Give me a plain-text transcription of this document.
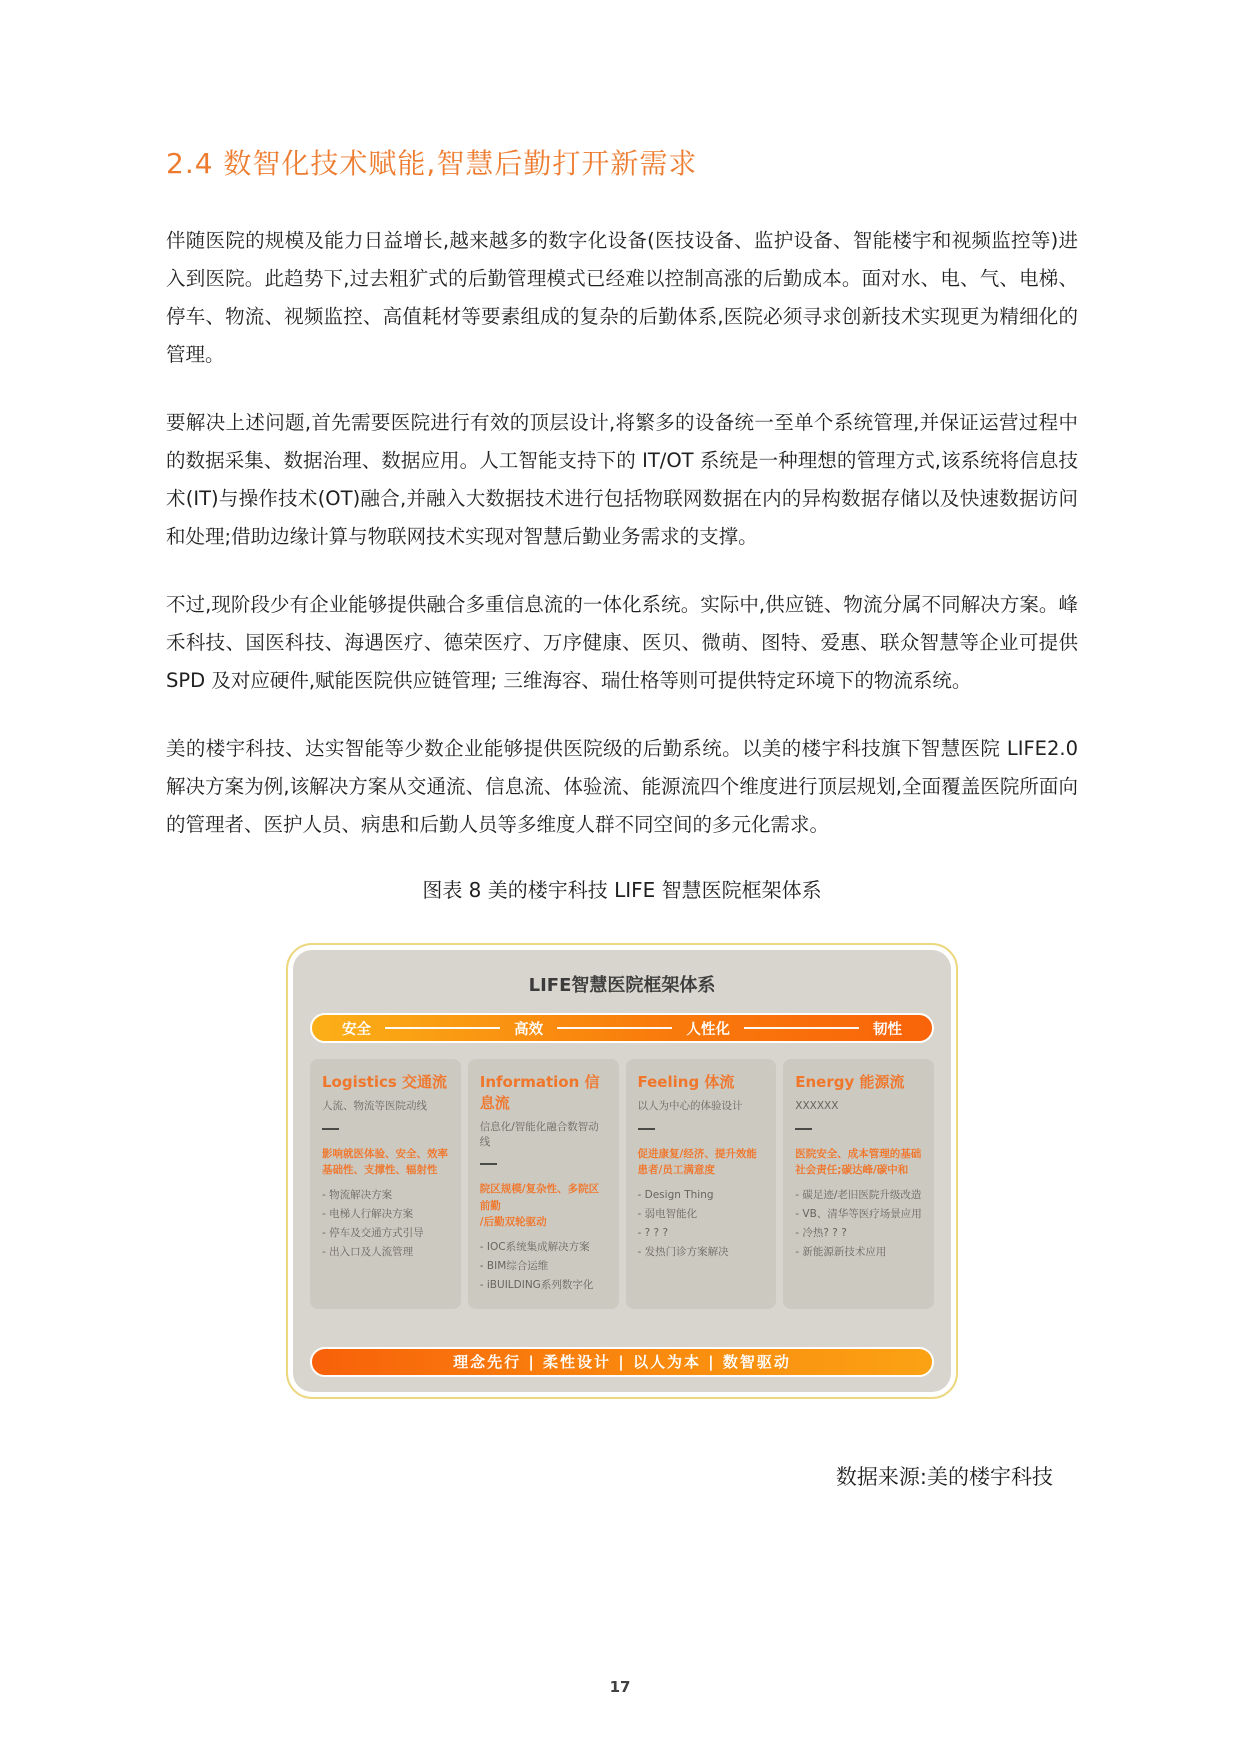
2.4 数智化技术赋能,智慧后勤打开新需求

伴随医院的规模及能力日益增长,越来越多的数字化设备(医技设备、监护设备、智能楼宇和视频监控等)进入到医院。此趋势下,过去粗犷式的后勤管理模式已经难以控制高涨的后勤成本。面对水、电、气、电梯、停车、物流、视频监控、高值耗材等要素组成的复杂的后勤体系,医院必须寻求创新技术实现更为精细化的管理。

要解决上述问题,首先需要医院进行有效的顶层设计,将繁多的设备统一至单个系统管理,并保证运营过程中的数据采集、数据治理、数据应用。人工智能支持下的 IT/OT 系统是一种理想的管理方式,该系统将信息技术(IT)与操作技术(OT)融合,并融入大数据技术进行包括物联网数据在内的异构数据存储以及快速数据访问和处理;借助边缘计算与物联网技术实现对智慧后勤业务需求的支撑。

不过,现阶段少有企业能够提供融合多重信息流的一体化系统。实际中,供应链、物流分属不同解决方案。峰禾科技、国医科技、海遇医疗、德荣医疗、万序健康、医贝、微萌、图特、爱惠、联众智慧等企业可提供 SPD 及对应硬件,赋能医院供应链管理; 三维海容、瑞仕格等则可提供特定环境下的物流系统。

美的楼宇科技、达实智能等少数企业能够提供医院级的后勤系统。以美的楼宇科技旗下智慧医院 LIFE2.0 解决方案为例,该解决方案从交通流、信息流、体验流、能源流四个维度进行顶层规划,全面覆盖医院所面向的管理者、医护人员、病患和后勤人员等多维度人群不同空间的多元化需求。

图表 8 美的楼宇科技 LIFE 智慧医院框架体系
LIFE智慧医院框架体系
安全	高效	人性化	韧性
Logistics 交通流
人流、物流等医院动线
影响就医体验、安全、效率
基础性、支撑性、辐射性
- 物流解决方案
- 电梯人行解决方案
- 停车及交通方式引导
- 出入口及人流管理
Information 信息流
信息化/智能化融合数智动线
院区规模/复杂性、多院区前勤
/后勤双轮驱动
- IOC系统集成解决方案
- BIM综合运维
- iBUILDING系列数字化
Feeling 体流
以人为中心的体验设计
促进康复/经济、提升效能
患者/员工满意度
- Design Thing
- 弱电智能化
- ? ? ?
- 发热门诊方案解决
Energy 能源流
XXXXXX
医院安全、成本管理的基础
社会责任;碳达峰/碳中和
- 碳足迹/老旧医院升级改造
- VB、清华等医疗场景应用
- 冷热? ? ?
- 新能源新技术应用
理念先行 | 柔性设计 | 以人为本 | 数智驱动
数据来源:美的楼宇科技
17
